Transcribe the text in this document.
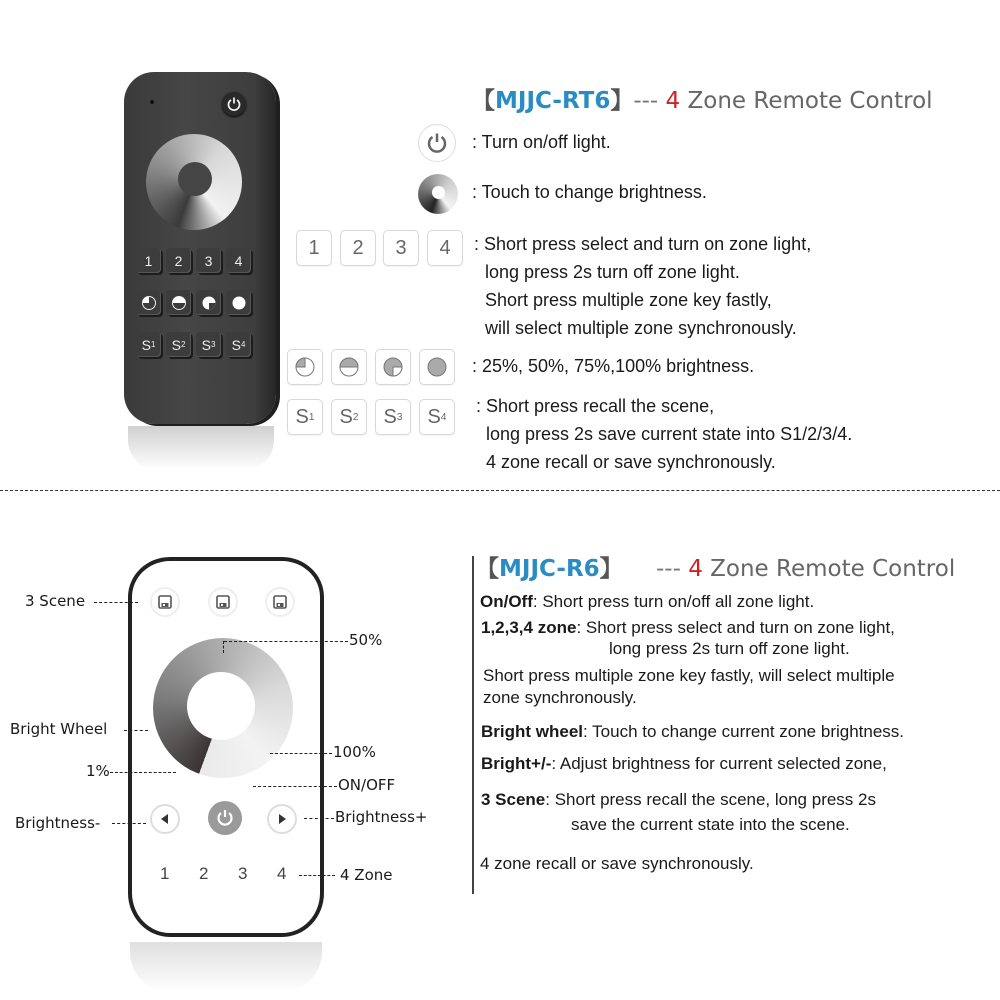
1 2 3 4
S 1 S 2 S 3 S 4
【MJJC-RT6】--- 4 Zone Remote Control
: Turn on/off light.
: Touch to change brightness.
1 2 3 4 : Short press select and turn on zone light,
long press 2s turn off zone light.
Short press multiple zone key fastly,
will select multiple zone synchronously.
: 25%, 50%, 75%,100% brightness.
S 1 S 2 S 3 S 4
: Short press recall the scene,
long press 2s save current state into S1/2/3/4.
4 zone recall or save synchronously.
1 2 3 4
3 Scene
50%
Bright Wheel
100%
1%
ON/OFF
Brightness-	Brightness+
4 Zone
【MJJC-R6】 --- 4 Zone Remote Control
On/Off: Short press turn on/off all zone light.
1,2,3,4 zone: Short press select and turn on zone light,
long press 2s turn off zone light.
Short press multiple zone key fastly, will select multiple
zone synchronously.
Bright wheel: Touch to change current zone brightness.
Bright+/-: Adjust brightness for current selected zone,
3 Scene: Short press recall the scene, long press 2s
save the current state into the scene.
4 zone recall or save synchronously.
